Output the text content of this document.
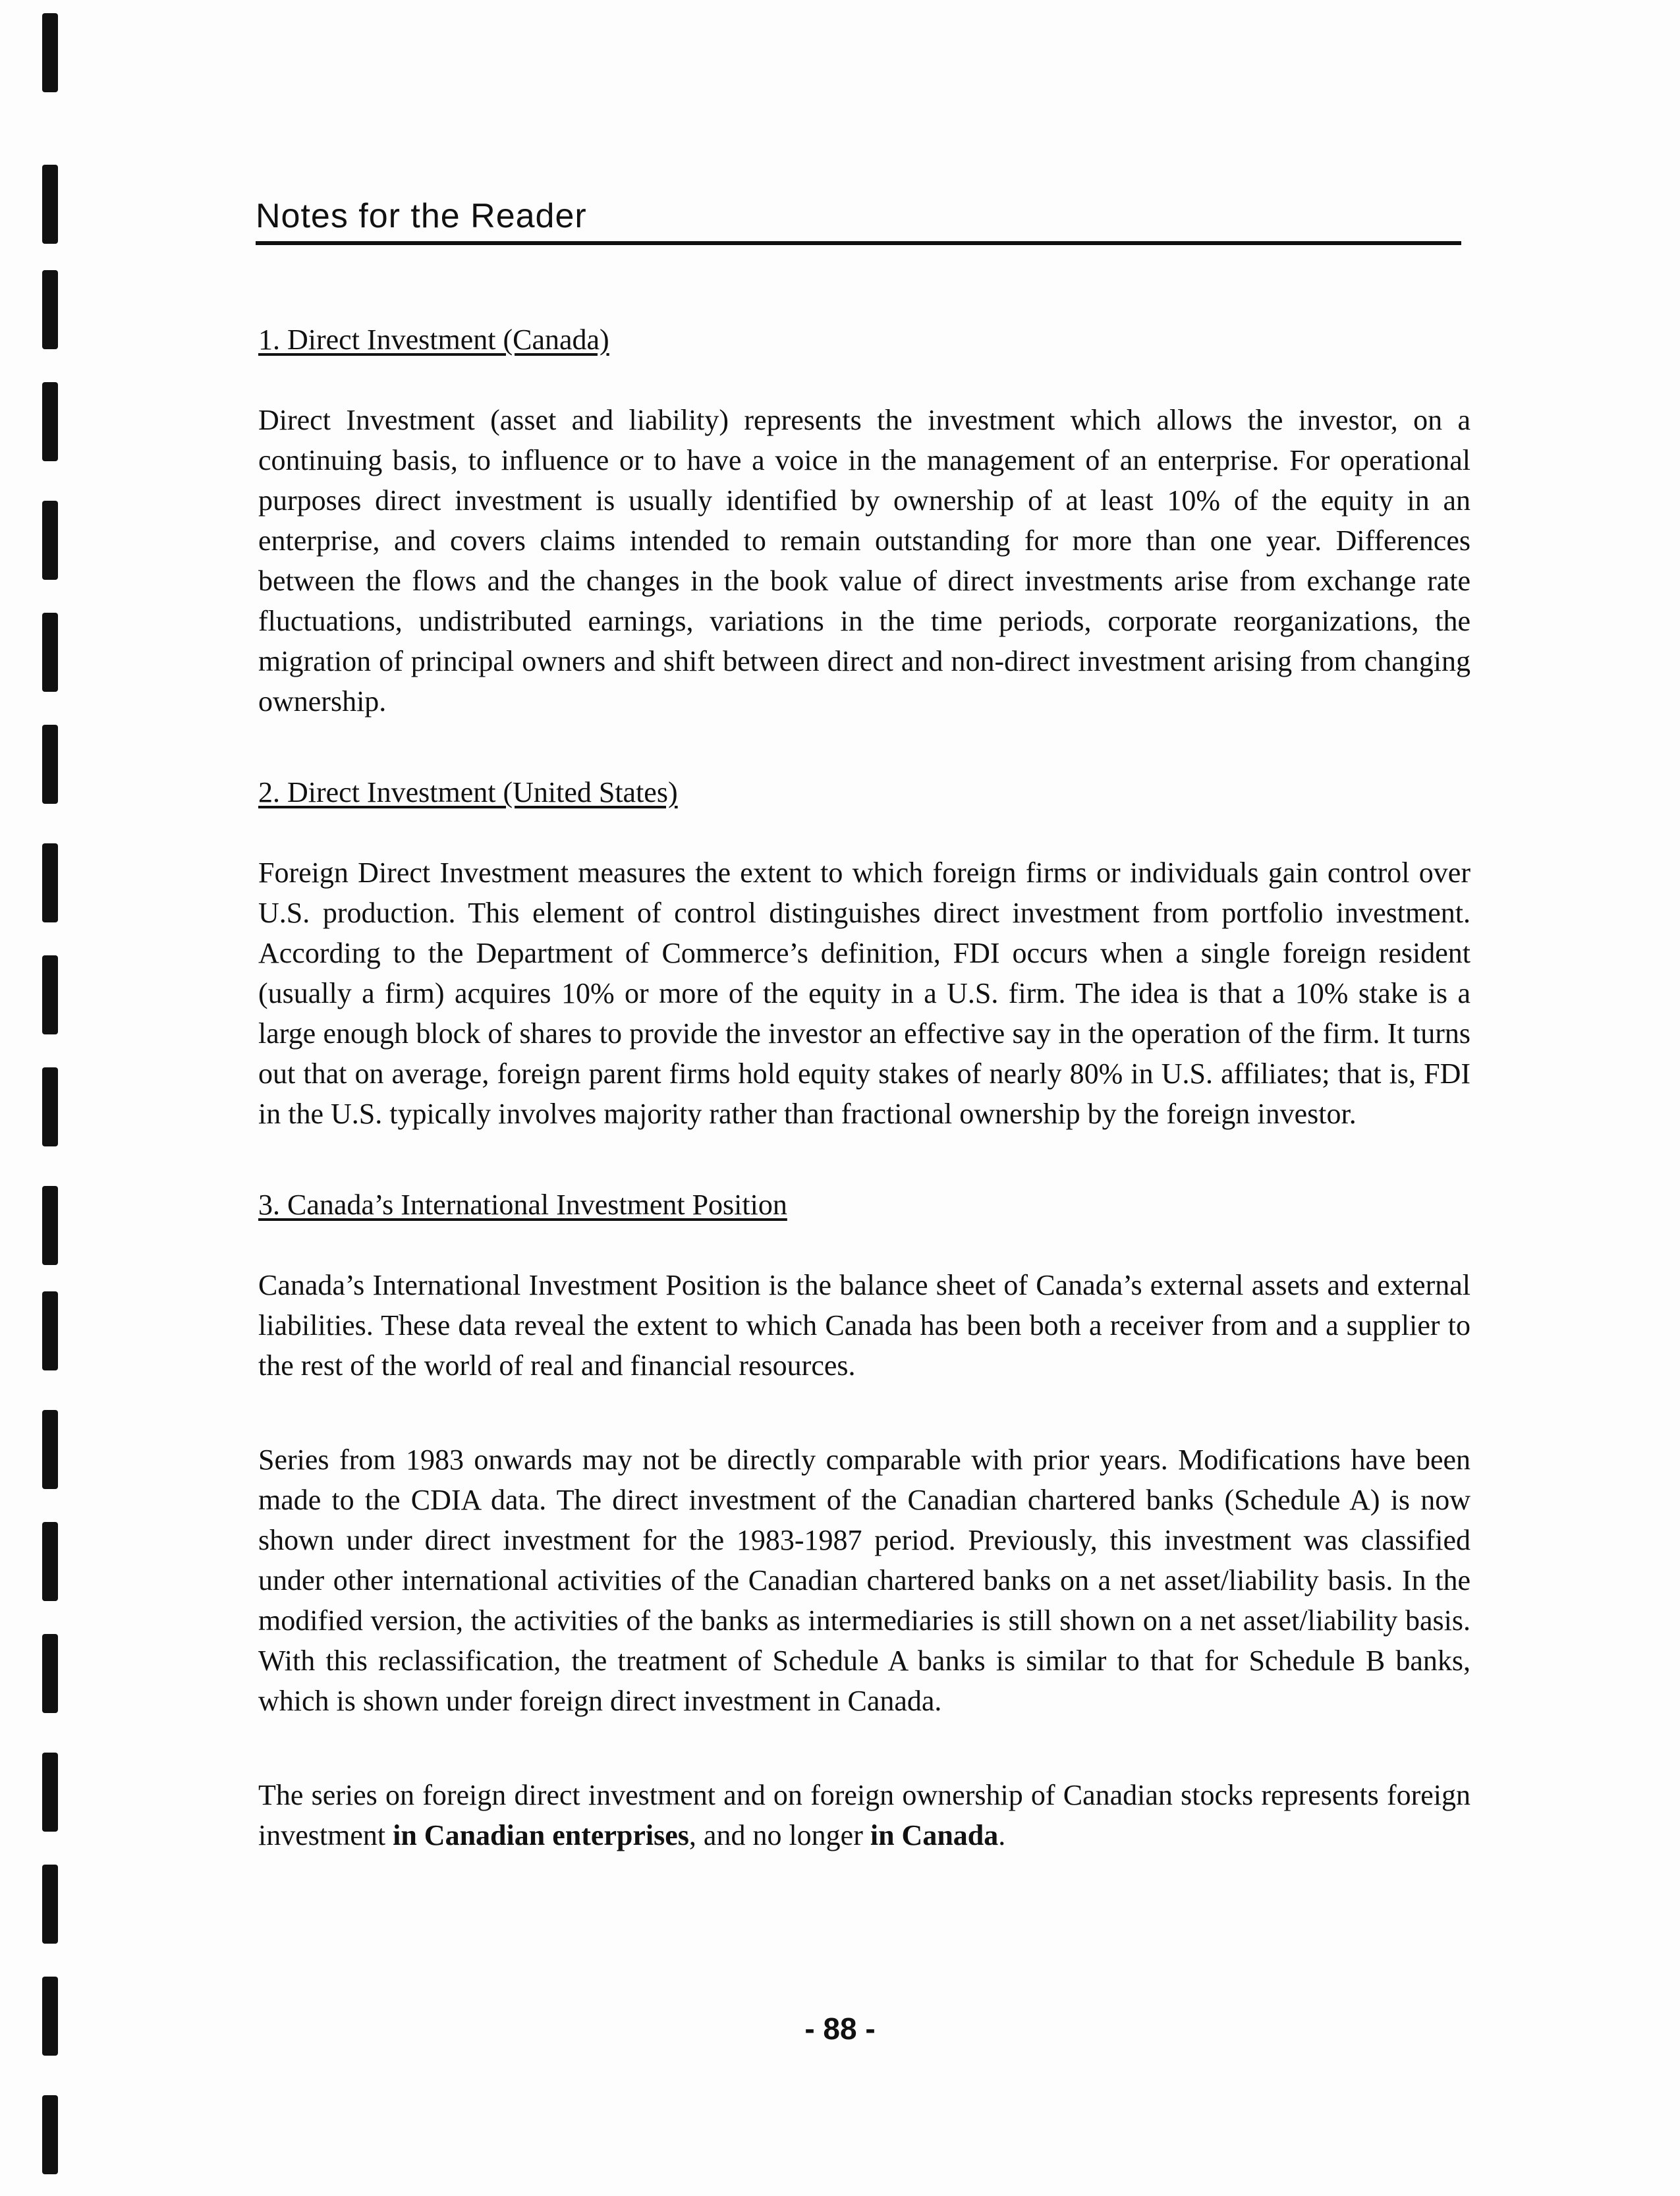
Notes for the Reader
1. Direct Investment (Canada)

Direct Investment (asset and liability) represents the investment which allows the investor, on a continuing basis, to influence or to have a voice in the management of an enterprise. For operational purposes direct investment is usually identified by ownership of at least 10% of the equity in an enterprise, and covers claims intended to remain outstanding for more than one year. Differences between the flows and the changes in the book value of direct investments arise from exchange rate fluctuations, undistributed earnings, variations in the time periods, corporate reorganizations, the migration of principal owners and shift between direct and non-direct investment arising from changing ownership.

2. Direct Investment (United States)

Foreign Direct Investment measures the extent to which foreign firms or individuals gain control over U.S. production. This element of control distinguishes direct investment from portfolio investment. According to the Department of Commerce’s definition, FDI occurs when a single foreign resident (usually a firm) acquires 10% or more of the equity in a U.S. firm. The idea is that a 10% stake is a large enough block of shares to provide the investor an effective say in the operation of the firm. It turns out that on average, foreign parent firms hold equity stakes of nearly 80% in U.S. affiliates; that is, FDI in the U.S. typically involves majority rather than fractional ownership by the foreign investor.

3. Canada’s International Investment Position

Canada’s International Investment Position is the balance sheet of Canada’s external assets and external liabilities. These data reveal the extent to which Canada has been both a receiver from and a supplier to the rest of the world of real and financial resources.

Series from 1983 onwards may not be directly comparable with prior years. Modifications have been made to the CDIA data. The direct investment of the Canadian chartered banks (Schedule A) is now shown under direct investment for the 1983-1987 period. Previously, this investment was classified under other international activities of the Canadian chartered banks on a net asset/liability basis. In the modified version, the activities of the banks as intermediaries is still shown on a net asset/liability basis. With this reclassification, the treatment of Schedule A banks is similar to that for Schedule B banks, which is shown under foreign direct investment in Canada.

The series on foreign direct investment and on foreign ownership of Canadian stocks represents foreign investment in Canadian enterprises, and no longer in Canada.

- 88 -
